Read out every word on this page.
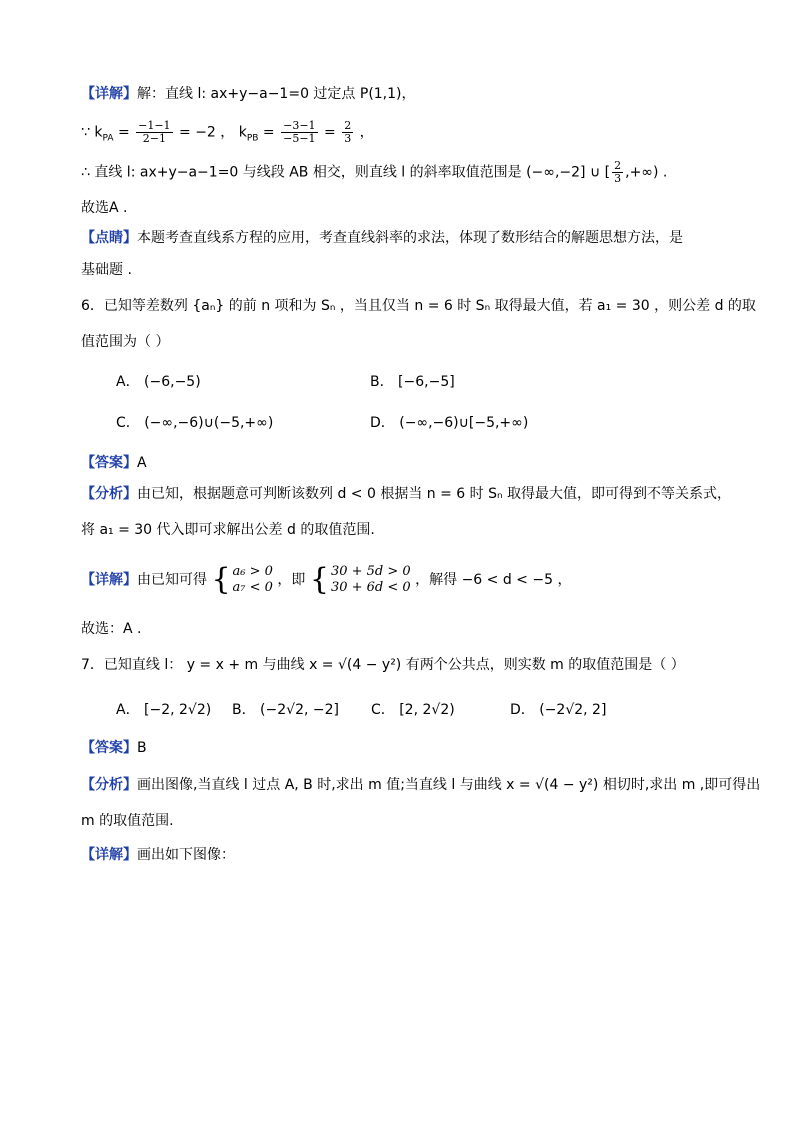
【详解】解：直线 l: ax+y−a−1=0 过定点 P(1,1)，
∵ $k_{PA} = \frac{-1-1}{2-1} = -2$ ， $k_{PB} = \frac{-3-1}{-5-1} = \frac{2}{3}$ ，
∴ 直线 l: ax+y−a−1=0 与线段 AB 相交，则直线 l 的斜率取值范围是 (−∞,−2] ∪ [ $\frac{2}{3}$ ,+∞) .
故选A .
【点睛】本题考查直线系方程的应用，考查直线斜率的求法，体现了数形结合的解题思想方法，是
基础题 .
6．已知等差数列 {aₙ} 的前 n 项和为 Sₙ ，当且仅当 n = 6 时 Sₙ 取得最大值，若 a₁ = 30 ，则公差 d 的取
值范围为（ ）
A． (−6,−5)	B． [−6,−5]
C． (−∞,−6)∪(−5,+∞)	D． (−∞,−6)∪[−5,+∞)
【答案】A
【分析】由已知，根据题意可判断该数列 d < 0 根据当 n = 6 时 Sₙ 取得最大值，即可得到不等关系式，
将 a₁ = 30 代入即可求解出公差 d 的取值范围.
【详解】由已知可得 { a₆ > 0
a₇ < 0 ，即 { 30 + 5d > 0
30 + 6d < 0 ，解得 −6 < d < −5 ，
故选：A .
7．已知直线 l： y = x + m 与曲线 x = √(4 − y²) 有两个公共点，则实数 m 的取值范围是（ ）
A． [−2, 2√2) B． (−2√2, −2] C． [2, 2√2)	D． (−2√2, 2]
【答案】B
【分析】画出图像,当直线 l 过点 A, B 时,求出 m 值;当直线 l 与曲线 x = √(4 − y²) 相切时,求出 m ,即可得出
m 的取值范围.
【详解】画出如下图像：
